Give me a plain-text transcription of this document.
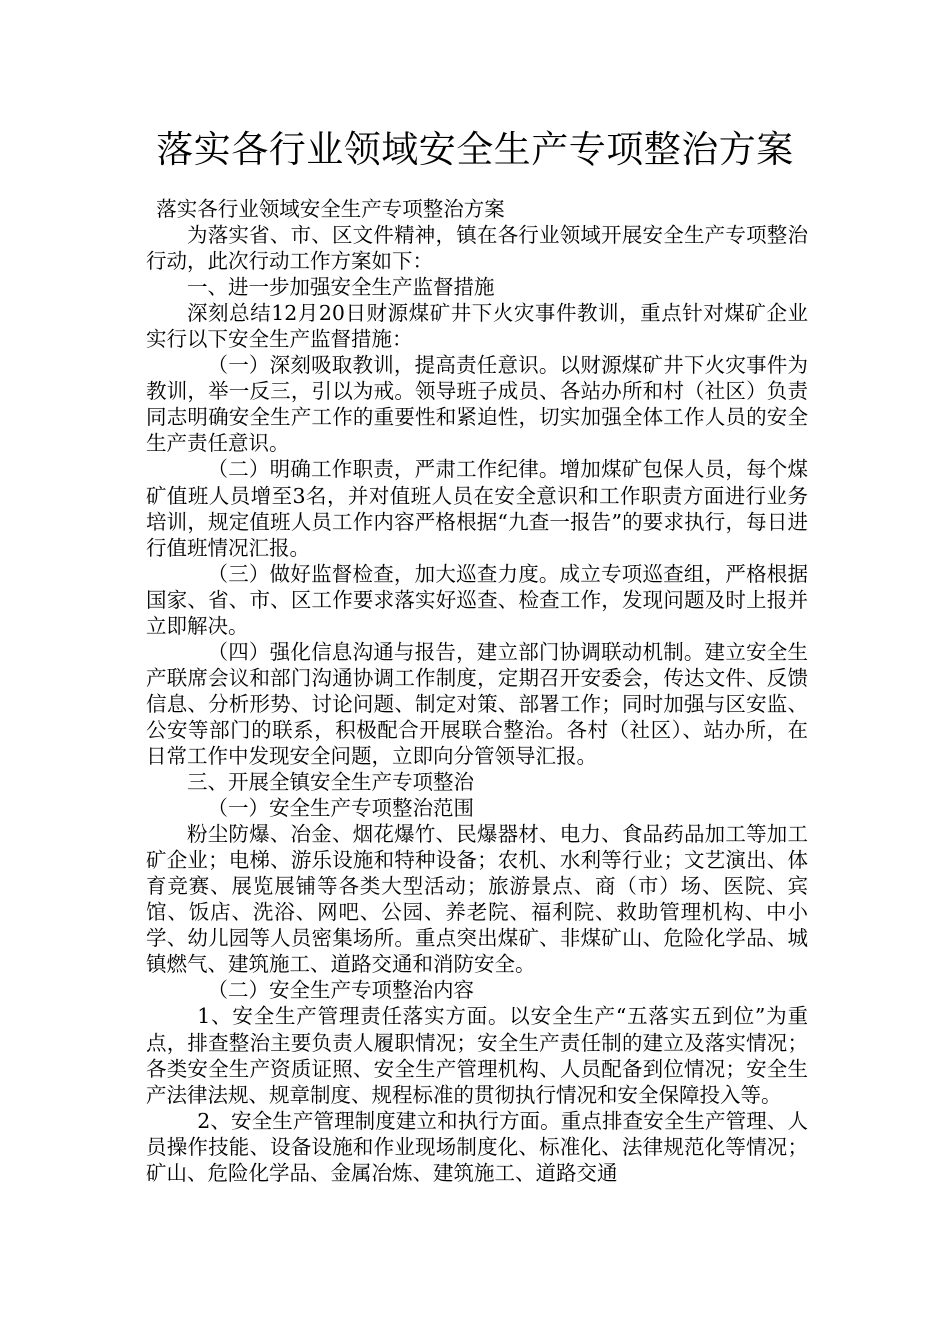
落实各行业领域安全生产专项整治方案

落实各行业领域安全生产专项整治方案

为落实省、市、区文件精神，镇在各行业领域开展安全生产专项整治行动，此次行动工作方案如下：

一、进一步加强安全生产监督措施

深刻总结12月20日财源煤矿井下火灾事件教训，重点针对煤矿企业实行以下安全生产监督措施：

（一）深刻吸取教训，提高责任意识。以财源煤矿井下火灾事件为教训，举一反三，引以为戒。领导班子成员、各站办所和村（社区）负责同志明确安全生产工作的重要性和紧迫性，切实加强全体工作人员的安全生产责任意识。

（二）明确工作职责，严肃工作纪律。增加煤矿包保人员，每个煤矿值班人员增至3名，并对值班人员在安全意识和工作职责方面进行业务培训，规定值班人员工作内容严格根据“九查一报告”的要求执行，每日进行值班情况汇报。

（三）做好监督检查，加大巡查力度。成立专项巡查组，严格根据国家、省、市、区工作要求落实好巡查、检查工作，发现问题及时上报并立即解决。

（四）强化信息沟通与报告，建立部门协调联动机制。建立安全生产联席会议和部门沟通协调工作制度，定期召开安委会，传达文件、反馈信息、分析形势、讨论问题、制定对策、部署工作；同时加强与区安监、公安等部门的联系，积极配合开展联合整治。各村（社区）、站办所，在日常工作中发现安全问题，立即向分管领导汇报。

三、开展全镇安全生产专项整治

（一）安全生产专项整治范围

粉尘防爆、冶金、烟花爆竹、民爆器材、电力、食品药品加工等加工矿企业；电梯、游乐设施和特种设备；农机、水利等行业；文艺演出、体育竞赛、展览展铺等各类大型活动；旅游景点、商（市）场、医院、宾馆、饭店、洗浴、网吧、公园、养老院、福利院、救助管理机构、中小学、幼儿园等人员密集场所。重点突出煤矿、非煤矿山、危险化学品、城镇燃气、建筑施工、道路交通和消防安全。

（二）安全生产专项整治内容

1、安全生产管理责任落实方面。以安全生产“五落实五到位”为重点，排查整治主要负责人履职情况；安全生产责任制的建立及落实情况；各类安全生产资质证照、安全生产管理机构、人员配备到位情况；安全生产法律法规、规章制度、规程标准的贯彻执行情况和安全保障投入等。

2、安全生产管理制度建立和执行方面。重点排查安全生产管理、人员操作技能、设备设施和作业现场制度化、标准化、法律规范化等情况；矿山、危险化学品、金属冶炼、建筑施工、道路交通
